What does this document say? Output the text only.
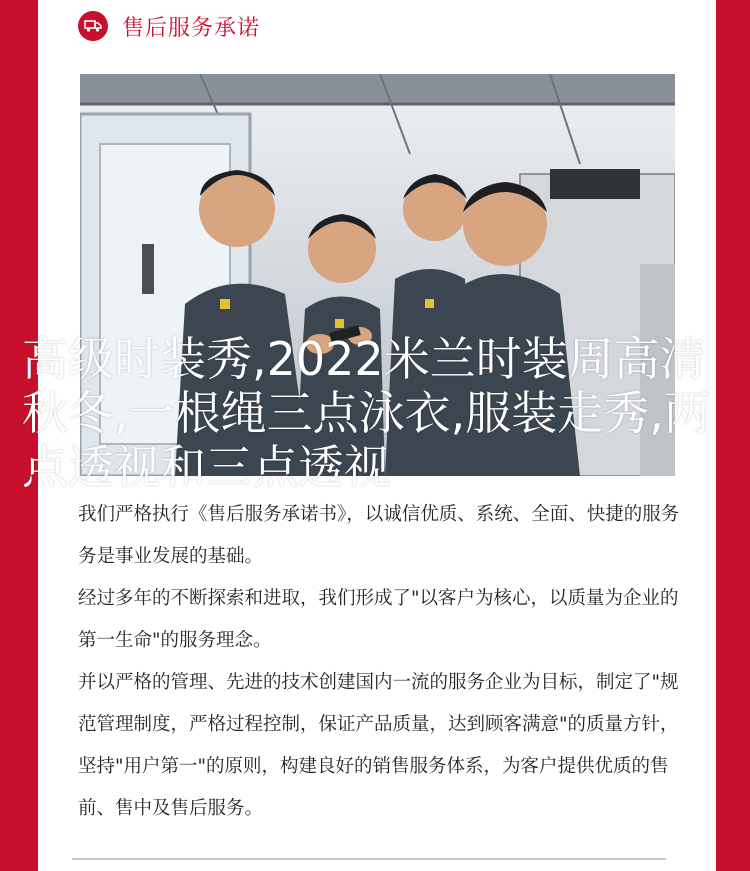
售后服务承诺
高级时装秀,2022米兰时装周高清秋冬,一根绳三点泳衣,服装走秀,两点透视和三点透视

我们严格执行《售后服务承诺书》，以诚信优质、系统、全面、快捷的服务务是事业发展的基础。

经过多年的不断探索和进取，我们形成了"以客户为核心，以质量为企业的第一生命"的服务理念。

并以严格的管理、先进的技术创建国内一流的服务企业为目标，制定了"规范管理制度，严格过程控制，保证产品质量，达到顾客满意"的质量方针，坚持"用户第一"的原则，构建良好的销售服务体系，为客户提供优质的售前、售中及售后服务。
